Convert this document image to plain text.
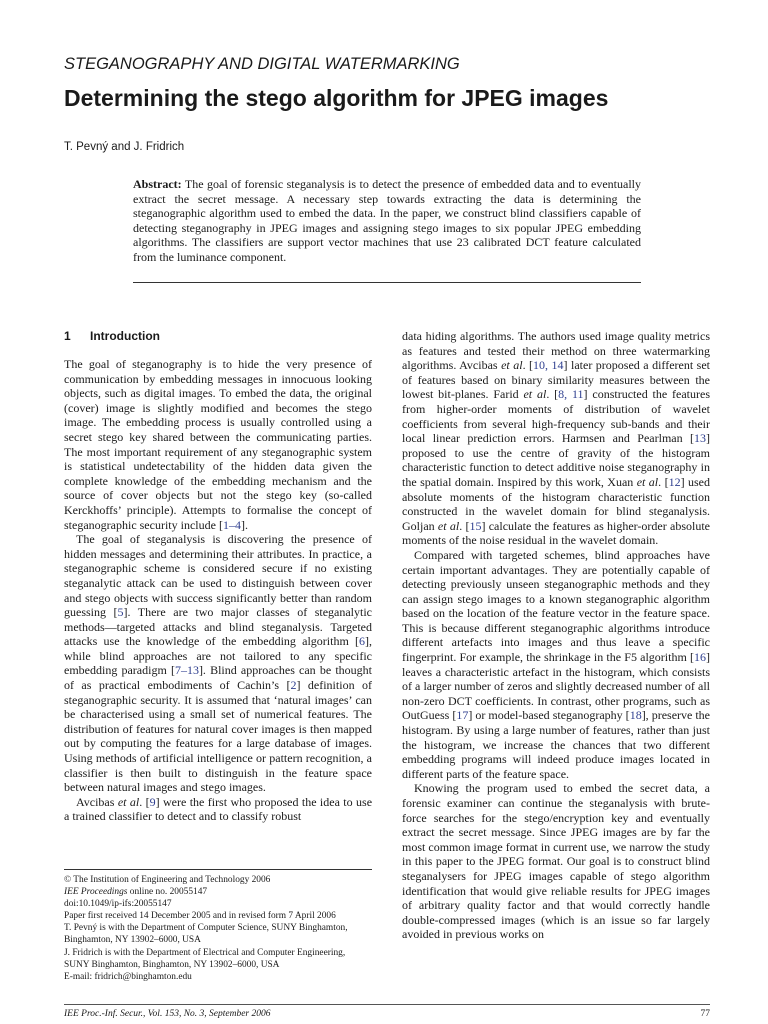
STEGANOGRAPHY AND DIGITAL WATERMARKING
Determining the stego algorithm for JPEG images
T. Pevný and J. Fridrich

Abstract: The goal of forensic steganalysis is to detect the presence of embedded data and to eventually extract the secret message. A necessary step towards extracting the data is determining the steganographic algorithm used to embed the data. In the paper, we construct blind classifiers capable of detecting steganography in JPEG images and assigning stego images to six popular JPEG embedding algorithms. The classifiers are support vector machines that use 23 calibrated DCT feature calculated from the luminance component.

1 Introduction

The goal of steganography is to hide the very presence of communication by embedding messages in innocuous looking objects, such as digital images. To embed the data, the original (cover) image is slightly modified and becomes the stego image. The embedding process is usually controlled using a secret stego key shared between the communicating parties. The most important requirement of any steganographic system is statistical undetectability of the hidden data given the complete knowledge of the embedding mechanism and the source of cover objects but not the stego key (so-called Kerckhoffs’ principle). Attempts to formalise the concept of steganographic security include [1–4].

The goal of steganalysis is discovering the presence of hidden messages and determining their attributes. In practice, a steganographic scheme is considered secure if no existing steganalytic attack can be used to distinguish between cover and stego objects with success significantly better than random guessing [5]. There are two major classes of steganalytic methods—targeted attacks and blind steganalysis. Targeted attacks use the knowledge of the embedding algorithm [6], while blind approaches are not tailored to any specific embedding paradigm [7–13]. Blind approaches can be thought of as practical embodiments of Cachin’s [2] definition of steganographic security. It is assumed that ‘natural images’ can be characterised using a small set of numerical features. The distribution of features for natural cover images is then mapped out by computing the features for a large database of images. Using methods of artificial intelligence or pattern recognition, a classifier is then built to distinguish in the feature space between natural images and stego images.

Avcibas et al. [9] were the first who proposed the idea to use a trained classifier to detect and to classify robust

data hiding algorithms. The authors used image quality metrics as features and tested their method on three watermarking algorithms. Avcibas et al. [10, 14] later proposed a different set of features based on binary similarity measures between the lowest bit-planes. Farid et al. [8, 11] constructed the features from higher-order moments of distribution of wavelet coefficients from several high-frequency sub-bands and their local linear prediction errors. Harmsen and Pearlman [13] proposed to use the centre of gravity of the histogram characteristic function to detect additive noise steganography in the spatial domain. Inspired by this work, Xuan et al. [12] used absolute moments of the histogram characteristic function constructed in the wavelet domain for blind steganalysis. Goljan et al. [15] calculate the features as higher-order absolute moments of the noise residual in the wavelet domain.

Compared with targeted schemes, blind approaches have certain important advantages. They are potentially capable of detecting previously unseen steganographic methods and they can assign stego images to a known steganographic algorithm based on the location of the feature vector in the feature space. This is because different steganographic algorithms introduce different artefacts into images and thus leave a specific fingerprint. For example, the shrinkage in the F5 algorithm [16] leaves a characteristic artefact in the histogram, which consists of a larger number of zeros and slightly decreased number of all non-zero DCT coefficients. In contrast, other programs, such as OutGuess [17] or model-based steganography [18], preserve the histogram. By using a large number of features, rather than just the histogram, we increase the chances that two different embedding programs will indeed produce images located in different parts of the feature space.

Knowing the program used to embed the secret data, a forensic examiner can continue the steganalysis with brute-force searches for the stego/encryption key and eventually extract the secret message. Since JPEG images are by far the most common image format in current use, we narrow the study in this paper to the JPEG format. Our goal is to construct blind steganalysers for JPEG images capable of stego algorithm identification that would give reliable results for JPEG images of arbitrary quality factor and that would correctly handle double-compressed images (which is an issue so far largely avoided in previous works on

© The Institution of Engineering and Technology 2006

IEE Proceedings online no. 20055147

doi:10.1049/ip-ifs:20055147

Paper first received 14 December 2005 and in revised form 7 April 2006

T. Pevný is with the Department of Computer Science, SUNY Binghamton, Binghamton, NY 13902–6000, USA

J. Fridrich is with the Department of Electrical and Computer Engineering, SUNY Binghamton, Binghamton, NY 13902–6000, USA

E-mail: fridrich@binghamton.edu

IEE Proc.-Inf. Secur., Vol. 153, No. 3, September 2006	77
